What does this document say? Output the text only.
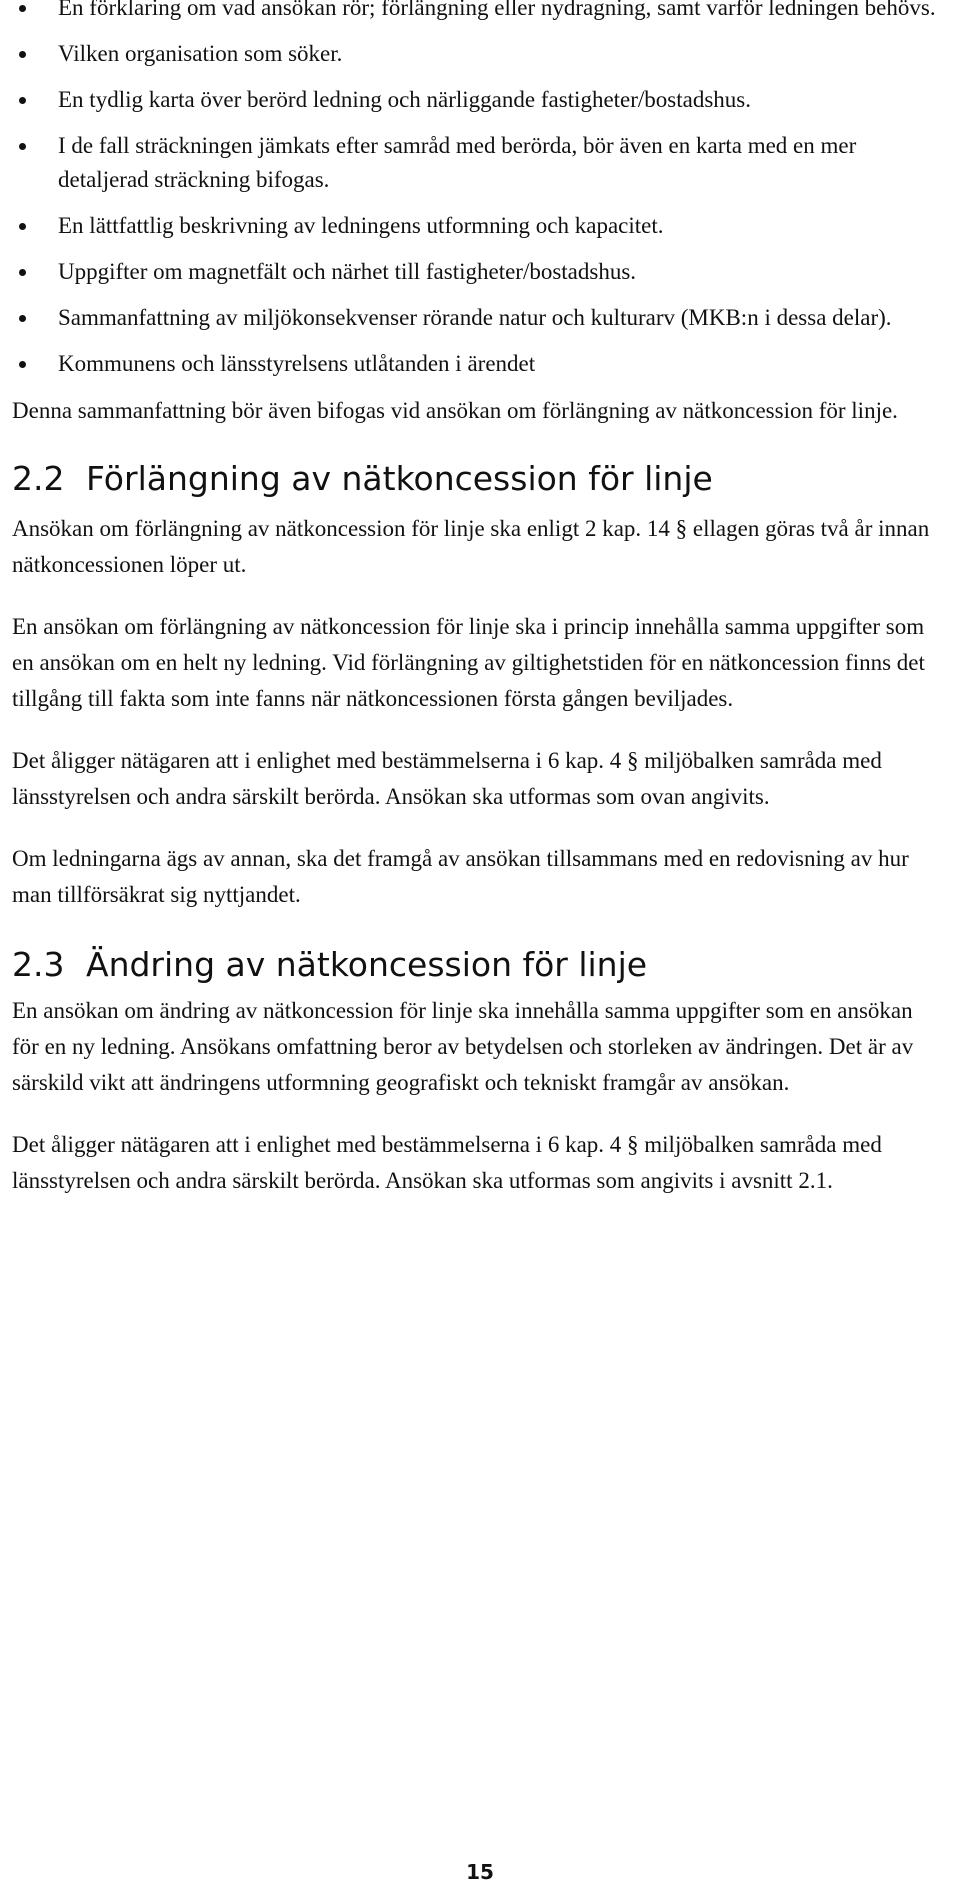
En förklaring om vad ansökan rör; förlängning eller nydragning, samt varför ledningen behövs.
Vilken organisation som söker.
En tydlig karta över berörd ledning och närliggande fastigheter/bostadshus.
I de fall sträckningen jämkats efter samråd med berörda, bör även en karta med en mer detaljerad sträckning bifogas.
En lättfattlig beskrivning av ledningens utformning och kapacitet.
Uppgifter om magnetfält och närhet till fastigheter/bostadshus.
Sammanfattning av miljökonsekvenser rörande natur och kulturarv (MKB:n i dessa delar).
Kommunens och länsstyrelsens utlåtanden i ärendet

Denna sammanfattning bör även bifogas vid ansökan om förlängning av nätkoncession för linje.

2.2 Förlängning av nätkoncession för linje

Ansökan om förlängning av nätkoncession för linje ska enligt 2 kap. 14 § ellagen göras två år innan nätkoncessionen löper ut.

En ansökan om förlängning av nätkoncession för linje ska i princip innehålla samma uppgifter som en ansökan om en helt ny ledning. Vid förlängning av giltighetstiden för en nätkoncession finns det tillgång till fakta som inte fanns när nätkoncessionen första gången beviljades.

Det åligger nätägaren att i enlighet med bestämmelserna i 6 kap. 4 § miljöbalken samråda med länsstyrelsen och andra särskilt berörda. Ansökan ska utformas som ovan angivits.

Om ledningarna ägs av annan, ska det framgå av ansökan tillsammans med en redovisning av hur man tillförsäkrat sig nyttjandet.

2.3 Ändring av nätkoncession för linje

En ansökan om ändring av nätkoncession för linje ska innehålla samma uppgifter som en ansökan för en ny ledning. Ansökans omfattning beror av betydelsen och storleken av ändringen. Det är av särskild vikt att ändringens utformning geografiskt och tekniskt framgår av ansökan.

Det åligger nätägaren att i enlighet med bestämmelserna i 6 kap. 4 § miljöbalken samråda med länsstyrelsen och andra särskilt berörda. Ansökan ska utformas som angivits i avsnitt 2.1.

15
